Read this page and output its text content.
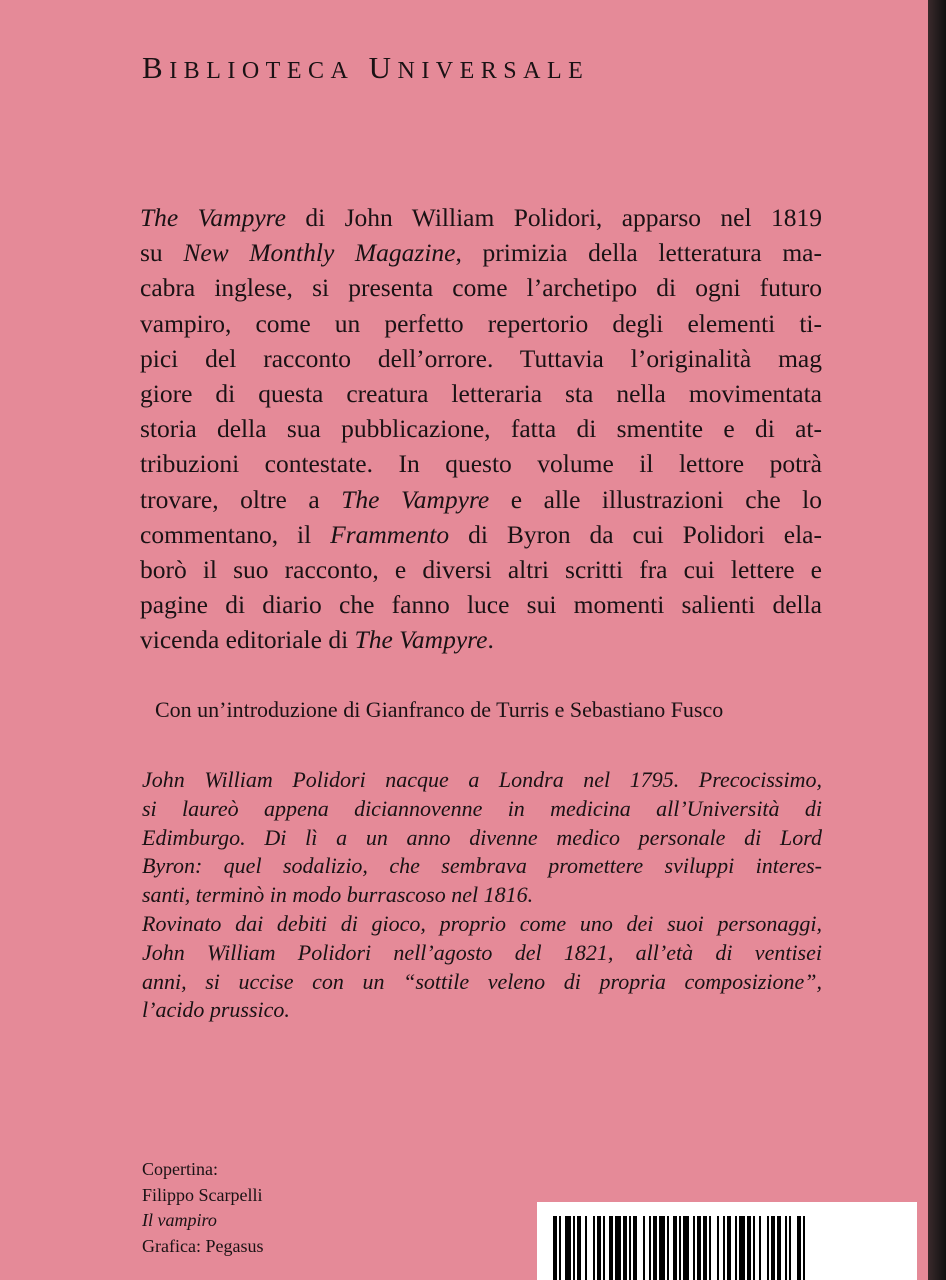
BIBLIOTECA UNIVERSALE

The Vampyre di John William Polidori, apparso nel 1819
su New Monthly Magazine, primizia della letteratura ma-
cabra inglese, si presenta come l’archetipo di ogni futuro
vampiro, come un perfetto repertorio degli elementi ti-
pici del racconto dell’orrore. Tuttavia l’originalità mag
giore di questa creatura letteraria sta nella movimentata
storia della sua pubblicazione, fatta di smentite e di at-
tribuzioni contestate. In questo volume il lettore potrà
trovare, oltre a The Vampyre e alle illustrazioni che lo
commentano, il Frammento di Byron da cui Polidori ela-
borò il suo racconto, e diversi altri scritti fra cui lettere e
pagine di diario che fanno luce sui momenti salienti della
vicenda editoriale di The Vampyre.

Con un’introduzione di Gianfranco de Turris e Sebastiano Fusco
John William Polidori nacque a Londra nel 1795. Precocissimo,
si laureò appena diciannovenne in medicina all’Università di
Edimburgo. Di lì a un anno divenne medico personale di Lord
Byron: quel sodalizio, che sembrava promettere sviluppi interes-
santi, terminò in modo burrascoso nel 1816.
Rovinato dai debiti di gioco, proprio come uno dei suoi personaggi,
John William Polidori nell’agosto del 1821, all’età di ventisei
anni, si uccise con un “sottile veleno di propria composizione”,
l’acido prussico.
Copertina:
Filippo Scarpelli
Il vampiro
Grafica: Pegasus
